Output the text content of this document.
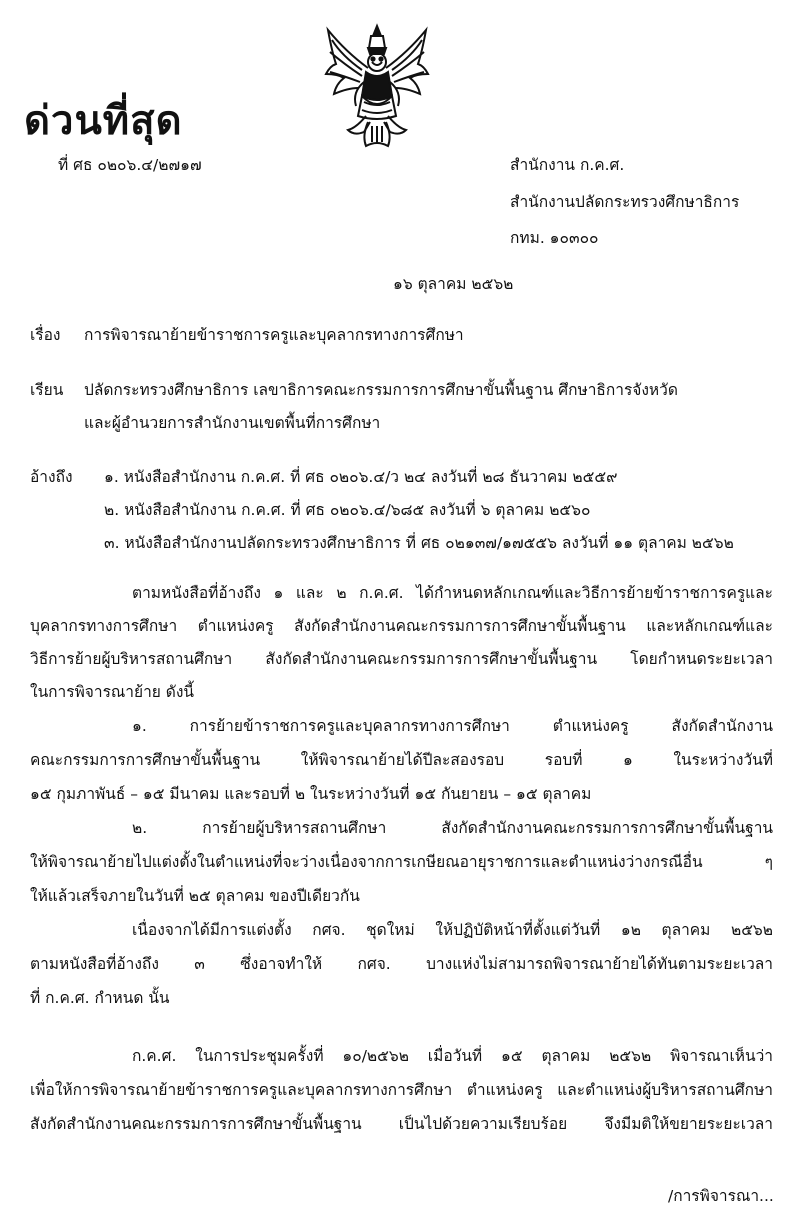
ด่วนที่สุด
ที่ ศธ ๐๒๐๖.๔/๒๗๑๗	สำนักงาน ก.ค.ศ.
สำนักงานปลัดกระทรวงศึกษาธิการ
กทม. ๑๐๓๐๐
๑๖ ตุลาคม ๒๕๖๒
เรื่อง การพิจารณาย้ายข้าราชการครูและบุคลากรทางการศึกษา
เรียน ปลัดกระทรวงศึกษาธิการ เลขาธิการคณะกรรมการการศึกษาขั้นพื้นฐาน ศึกษาธิการจังหวัด
และผู้อำนวยการสำนักงานเขตพื้นที่การศึกษา
อ้างถึง ๑. หนังสือสำนักงาน ก.ค.ศ. ที่ ศธ ๐๒๐๖.๔/ว ๒๔ ลงวันที่ ๒๘ ธันวาคม ๒๕๕๙
๒. หนังสือสำนักงาน ก.ค.ศ. ที่ ศธ ๐๒๐๖.๔/๖๘๕ ลงวันที่ ๖ ตุลาคม ๒๕๖๐
๓. หนังสือสำนักงานปลัดกระทรวงศึกษาธิการ ที่ ศธ ๐๒๑๓๗/๑๗๕๕๖ ลงวันที่ ๑๑ ตุลาคม ๒๕๖๒
ตามหนังสือที่อ้างถึง ๑ และ ๒ ก.ค.ศ. ได้กำหนดหลักเกณฑ์และวิธีการย้ายข้าราชการครูและ
บุคลากรทางการศึกษา ตำแหน่งครู สังกัดสำนักงานคณะกรรมการการศึกษาขั้นพื้นฐาน และหลักเกณฑ์และ
วิธีการย้ายผู้บริหารสถานศึกษา สังกัดสำนักงานคณะกรรมการการศึกษาขั้นพื้นฐาน โดยกำหนดระยะเวลา
ในการพิจารณาย้าย ดังนี้
๑. การย้ายข้าราชการครูและบุคลากรทางการศึกษา ตำแหน่งครู สังกัดสำนักงาน
คณะกรรมการการศึกษาขั้นพื้นฐาน ให้พิจารณาย้ายได้ปีละสองรอบ รอบที่ ๑ ในระหว่างวันที่
๑๕ กุมภาพันธ์ – ๑๕ มีนาคม และรอบที่ ๒ ในระหว่างวันที่ ๑๕ กันยายน – ๑๕ ตุลาคม
๒. การย้ายผู้บริหารสถานศึกษา สังกัดสำนักงานคณะกรรมการการศึกษาขั้นพื้นฐาน
ให้พิจารณาย้ายไปแต่งตั้งในตำแหน่งที่จะว่างเนื่องจากการเกษียณอายุราชการและตำแหน่งว่างกรณีอื่น ๆ
ให้แล้วเสร็จภายในวันที่ ๒๕ ตุลาคม ของปีเดียวกัน
เนื่องจากได้มีการแต่งตั้ง กศจ. ชุดใหม่ ให้ปฏิบัติหน้าที่ตั้งแต่วันที่ ๑๒ ตุลาคม ๒๕๖๒
ตามหนังสือที่อ้างถึง ๓ ซึ่งอาจทำให้ กศจ. บางแห่งไม่สามารถพิจารณาย้ายได้ทันตามระยะเวลา
ที่ ก.ค.ศ. กำหนด นั้น
ก.ค.ศ. ในการประชุมครั้งที่ ๑๐/๒๕๖๒ เมื่อวันที่ ๑๕ ตุลาคม ๒๕๖๒ พิจารณาเห็นว่า
เพื่อให้การพิจารณาย้ายข้าราชการครูและบุคลากรทางการศึกษา ตำแหน่งครู และตำแหน่งผู้บริหารสถานศึกษา
สังกัดสำนักงานคณะกรรมการการศึกษาขั้นพื้นฐาน เป็นไปด้วยความเรียบร้อย จึงมีมติให้ขยายระยะเวลา
/การพิจารณา...
